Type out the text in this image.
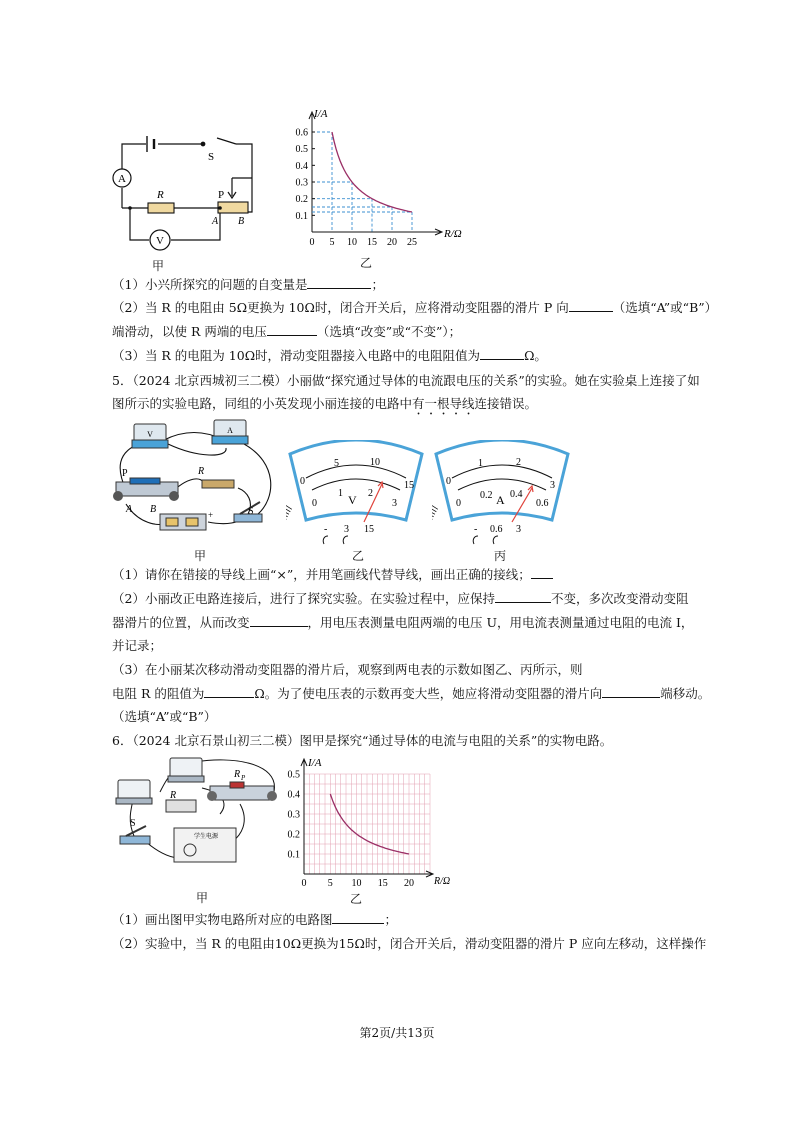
A
V
S
R	P
A B
甲
0.6
0.5
0.4
0.3
0.2
0.1
0 5 10 15 20 25
I/A
R/Ω
乙
（1）小兴所探究的问题的自变量是	；
（2）当 R 的电阻由 5Ω更换为 10Ω时，闭合开关后，应将滑动变阻器的滑片 P 向	（选填“A”或“B”）
端滑动，以使 R 两端的电压	（选填“改变”或“不变”）；
（3）当 R 的电阻为 10Ω时，滑动变阻器接入电路中的电阻阻值为	Ω。
5．（2024 北京西城初三二模）小丽做“探究通过导体的电流跟电压的关系”的实验。她在实验桌上连接了如
图所示的实验电路，同组的小英发现小丽连接的电路中有一根导线连接错误。
V	A
P
A B
R
S
-
+
甲
0
5	10
15
0
1	2
3
V
- 3 15
乙
0
1	2
3
0
0.2 0.4
0.6
A
- 0.6 3
丙
（1）请你在错接的导线上画“×”，并用笔画线代替导线，画出正确的接线；
（2）小丽改正电路连接后，进行了探究实验。在实验过程中，应保持	不变，多次改变滑动变阻
器滑片的位置，从而改变	，用电压表测量电阻两端的电压 U，用电流表测量通过电阻的电流 I，
并记录；
（3）在小丽某次移动滑动变阻器的滑片后，观察到两电表的示数如图乙、丙所示，则
电阻 R 的阻值为	Ω。为了使电压表的示数再变大些，她应将滑动变阻器的滑片向	端移动。
（选填“A”或“B”）
6．（2024 北京石景山初三二模）图甲是探究“通过导体的电流与电阻的关系”的实物电路。
R
R P
S
学生电源
甲
0.5
0.4
0.3
0.2
0.1
0 5 10 15 20
I/A
R/Ω
乙
（1）画出图甲实物电路所对应的电路图	；
（2）实验中，当 R 的电阻由10Ω更换为15Ω时，闭合开关后，滑动变阻器的滑片 P 应向左移动，这样操作
第2页/共13页
